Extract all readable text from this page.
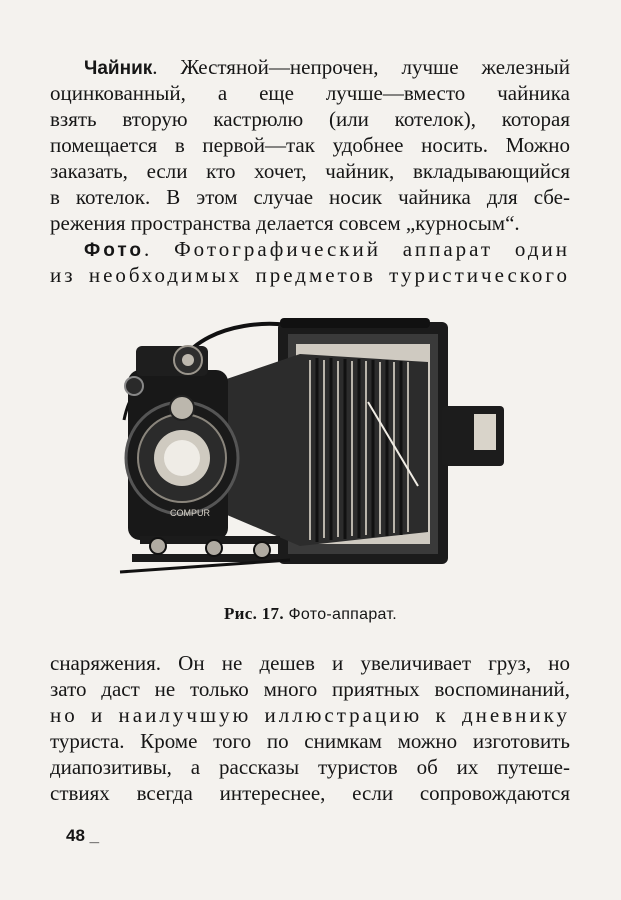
Чайник. Жестяной—непрочен, лучше железный
оцинкованный, а еще лучше—вместо чайника
взять вторую кастрюлю (или котелок), которая
помещается в первой—так удобнее носить. Можно
заказать, если кто хочет, чайник, вкладывающийся
в котелок. В этом случае носик чайника для сбе-
режения пространства делается совсем „курносым“.
Фото. Фотографический аппарат один
из необходимых предметов туристического
COMPUR
Рис. 17. Фото-аппарат.
снаряжения. Он не дешев и увеличивает груз, но
зато даст не только много приятных воспоминаний,
но и наилучшую иллюстрацию к дневнику
туриста. Кроме того по снимкам можно изготовить
диапозитивы, а рассказы туристов об их путеше-
ствиях всегда интереснее, если сопровождаются
48 _
